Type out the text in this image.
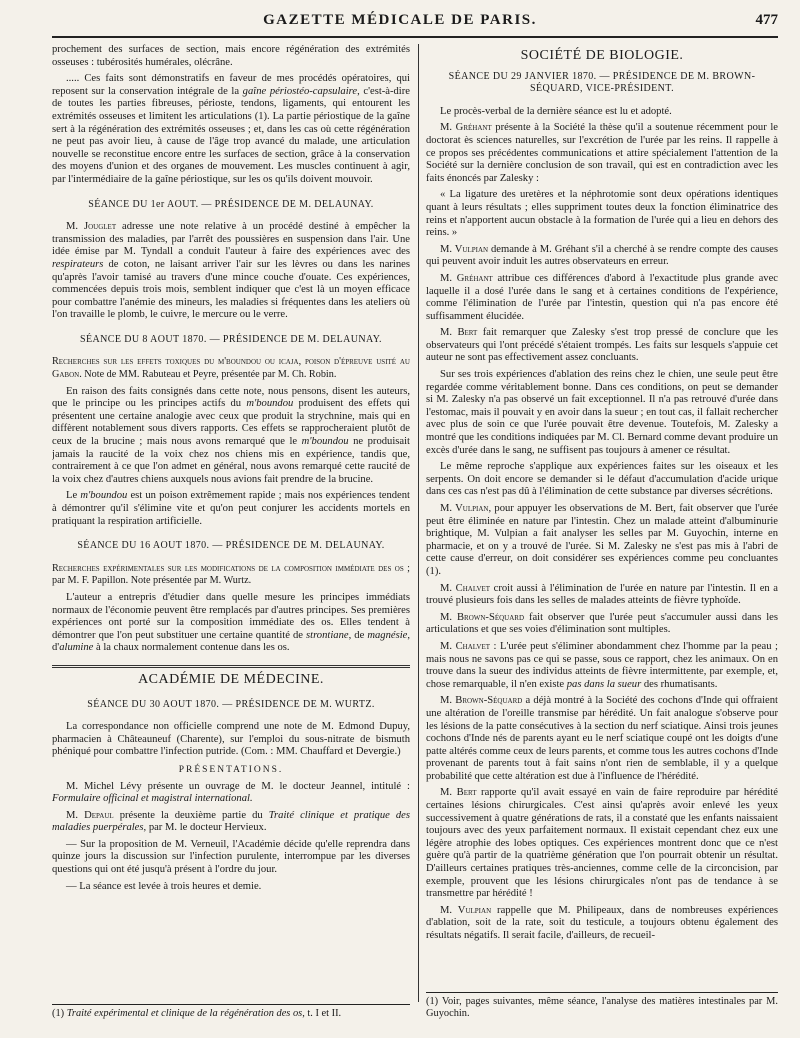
GAZETTE MÉDICALE DE PARIS.	477

prochement des surfaces de section, mais encore régénération des extrémités osseuses : tubérosités humérales, olécrâne.

..... Ces faits sont démonstratifs en faveur de mes procédés opératoires, qui reposent sur la conservation intégrale de la gaîne périostéo-capsulaire, c'est-à-dire de toutes les parties fibreuses, périoste, tendons, ligaments, qui entourent les extrémités osseuses et limitent les articulations (1). La partie périostique de la gaîne sert à la régénération des extrémités osseuses ; et, dans les cas où cette régénération ne peut pas avoir lieu, à cause de l'âge trop avancé du malade, une articulation nouvelle se reconstitue encore entre les surfaces de section, grâce à la conservation des moyens d'union et des organes de mouvement. Les muscles continuent à agir, par l'intermédiaire de la gaîne périostique, sur les os qu'ils doivent mouvoir.

SÉANCE DU 1er AOUT. — PRÉSIDENCE DE M. DELAUNAY.

M. Jouglet adresse une note relative à un procédé destiné à empêcher la transmission des maladies, par l'arrêt des poussières en suspension dans l'air. Une idée émise par M. Tyndall a conduit l'auteur à faire des expériences avec des respirateurs de coton, ne laisant arriver l'air sur les lèvres ou dans les narines qu'après l'avoir tamisé au travers d'une mince couche d'ouate. Ces expériences, commencées depuis trois mois, semblent indiquer que c'est là un moyen efficace pour combattre l'anémie des mineurs, les maladies si fréquentes dans les ateliers où l'on travaille le plomb, le cuivre, le mercure ou le verre.

SÉANCE DU 8 AOUT 1870. — PRÉSIDENCE DE M. DELAUNAY.

Recherches sur les effets toxiques du m'boundou ou icaja, poison d'épreuve usité au Gabon. Note de MM. Rabuteau et Peyre, présentée par M. Ch. Robin.

En raison des faits consignés dans cette note, nous pensons, disent les auteurs, que le principe ou les principes actifs du m'boundou produisent des effets qui présentent une certaine analogie avec ceux que produit la strychnine, mais qui en diffèrent notablement sous divers rapports. Ces effets se rapprocheraient plutôt de ceux de la brucine ; mais nous avons remarqué que le m'boundou ne produisait jamais la raucité de la voix chez nos chiens mis en expérience, tandis que, contrairement à ce que l'on admet en général, nous avons remarqué cette raucité de la voix chez d'autres chiens auxquels nous avions fait prendre de la brucine.

Le m'boundou est un poison extrêmement rapide ; mais nos expériences tendent à démontrer qu'il s'élimine vite et qu'on peut conjurer les accidents mortels en pratiquant la respiration artificielle.

SÉANCE DU 16 AOUT 1870. — PRÉSIDENCE DE M. DELAUNAY.

Recherches expérimentales sur les modifications de la composition immédiate des os ; par M. F. Papillon. Note présentée par M. Wurtz.

L'auteur a entrepris d'étudier dans quelle mesure les principes immédiats normaux de l'économie peuvent être remplacés par d'autres principes. Ses premières expériences ont porté sur la composition immédiate des os. Elles tendent à démontrer que l'on peut substituer une certaine quantité de strontiane, de magnésie, d'alumine à la chaux normalement contenue dans les os.

ACADÉMIE DE MÉDECINE.
SÉANCE DU 30 AOUT 1870. — PRÉSIDENCE DE M. WURTZ.

La correspondance non officielle comprend une note de M. Edmond Dupuy, pharmacien à Châteauneuf (Charente), sur l'emploi du sous-nitrate de bismuth phéniqué pour combattre l'infection putride. (Com. : MM. Chauffard et Devergie.)

PRÉSENTATIONS.

M. Michel Lévy présente un ouvrage de M. le docteur Jeannel, intitulé : Formulaire officinal et magistral international.

M. Depaul présente la deuxième partie du Traité clinique et pratique des maladies puerpérales, par M. le docteur Hervieux.

— Sur la proposition de M. Verneuil, l'Académie décide qu'elle reprendra dans quinze jours la discussion sur l'infection purulente, interrompue par les diverses questions qui ont été jusqu'à présent à l'ordre du jour.

— La séance est levée à trois heures et demie.

SOCIÉTÉ DE BIOLOGIE.
SÉANCE DU 29 JANVIER 1870. — PRÉSIDENCE DE M. BROWN-SÉQUARD, VICE-PRÉSIDENT.

Le procès-verbal de la dernière séance est lu et adopté.

M. Gréhant présente à la Société la thèse qu'il a soutenue récemment pour le doctorat ès sciences naturelles, sur l'excrétion de l'urée par les reins. Il rappelle à ce propos ses précédentes communications et attire spécialement l'attention de la Société sur la dernière conclusion de son travail, qui est en contradiction avec les faits énoncés par Zalesky :

« La ligature des uretères et la néphrotomie sont deux opérations identiques quant à leurs résultats ; elles suppriment toutes deux la fonction éliminatrice des reins et n'apportent aucun obstacle à la formation de l'urée qui a lieu en dehors des reins. »

M. Vulpian demande à M. Gréhant s'il a cherché à se rendre compte des causes qui peuvent avoir induit les autres observateurs en erreur.

M. Gréhant attribue ces différences d'abord à l'exactitude plus grande avec laquelle il a dosé l'urée dans le sang et à certaines conditions de l'expérience, comme l'élimination de l'urée par l'intestin, question qui n'a pas encore été suffisamment élucidée.

M. Bert fait remarquer que Zalesky s'est trop pressé de conclure que les observateurs qui l'ont précédé s'étaient trompés. Les faits sur lesquels s'appuie cet auteur ne sont pas effectivement assez concluants.

Sur ses trois expériences d'ablation des reins chez le chien, une seule peut être regardée comme véritablement bonne. Dans ces conditions, on peut se demander si M. Zalesky n'a pas observé un fait exceptionnel. Il n'a pas retrouvé d'urée dans l'estomac, mais il pouvait y en avoir dans la sueur ; en tout cas, il fallait rechercher avec plus de soin ce que l'urée pouvait être devenue. Toutefois, M. Zalesky a montré que les conditions indiquées par M. Cl. Bernard comme devant produire un excès d'urée dans le sang, ne suffisent pas toujours à amener ce résultat.

Le même reproche s'applique aux expériences faites sur les oiseaux et les serpents. On doit encore se demander si le défaut d'accumulation d'acide urique dans ces cas n'est pas dû à l'élimination de cette substance par diverses sécrétions.

M. Vulpian, pour appuyer les observations de M. Bert, fait observer que l'urée peut être éliminée en nature par l'intestin. Chez un malade atteint d'albuminurie brightique, M. Vulpian a fait analyser les selles par M. Guyochin, interne en pharmacie, et on y a trouvé de l'urée. Si M. Zalesky ne s'est pas mis à l'abri de cette cause d'erreur, on doit considérer ses expériences comme peu concluantes (1).

M. Chalvet croit aussi à l'élimination de l'urée en nature par l'intestin. Il en a trouvé plusieurs fois dans les selles de malades atteints de fièvre typhoïde.

M. Brown-Séquard fait observer que l'urée peut s'accumuler aussi dans les articulations et que ses voies d'élimination sont multiples.

M. Chalvet : L'urée peut s'éliminer abondamment chez l'homme par la peau ; mais nous ne savons pas ce qui se passe, sous ce rapport, chez les animaux. On en trouve dans la sueur des individus atteints de fièvre intermittente, par exemple, et, chose remarquable, il n'en existe pas dans la sueur des rhumatisants.

M. Brown-Séquard a déjà montré à la Société des cochons d'Inde qui offraient une altération de l'oreille transmise par hérédité. Un fait analogue s'observe pour les lésions de la patte consécutives à la section du nerf sciatique. Ainsi trois jeunes cochons d'Inde nés de parents ayant eu le nerf sciatique coupé ont les doigts d'une patte altérés comme ceux de leurs parents, et comme tous les autres cochons d'Inde provenant de parents tout à fait sains n'ont rien de semblable, il y a quelque probabilité que cette altération est due à l'influence de l'hérédité.

M. Bert rapporte qu'il avait essayé en vain de faire reproduire par hérédité certaines lésions chirurgicales. C'est ainsi qu'après avoir enlevé les yeux successivement à quatre générations de rats, il a constaté que les enfants naissaient toujours avec des yeux parfaitement normaux. Il existait cependant chez eux une légère atrophie des lobes optiques. Ces expériences montrent donc que ce n'est guère qu'à partir de la quatrième génération que l'on pourrait obtenir un résultat. D'ailleurs certaines pratiques très-anciennes, comme celle de la circoncision, par exemple, prouvent que les lésions chirurgicales n'ont pas de tendance à se transmettre par hérédité !

M. Vulpian rappelle que M. Philipeaux, dans de nombreuses expériences d'ablation, soit de la rate, soit du testicule, a toujours obtenu également des résultats négatifs. Il serait facile, d'ailleurs, de recueil-

(1) Traité expérimental et clinique de la régénération des os, t. I et II.
(1) Voir, pages suivantes, même séance, l'analyse des matières intestinales par M. Guyochin.
